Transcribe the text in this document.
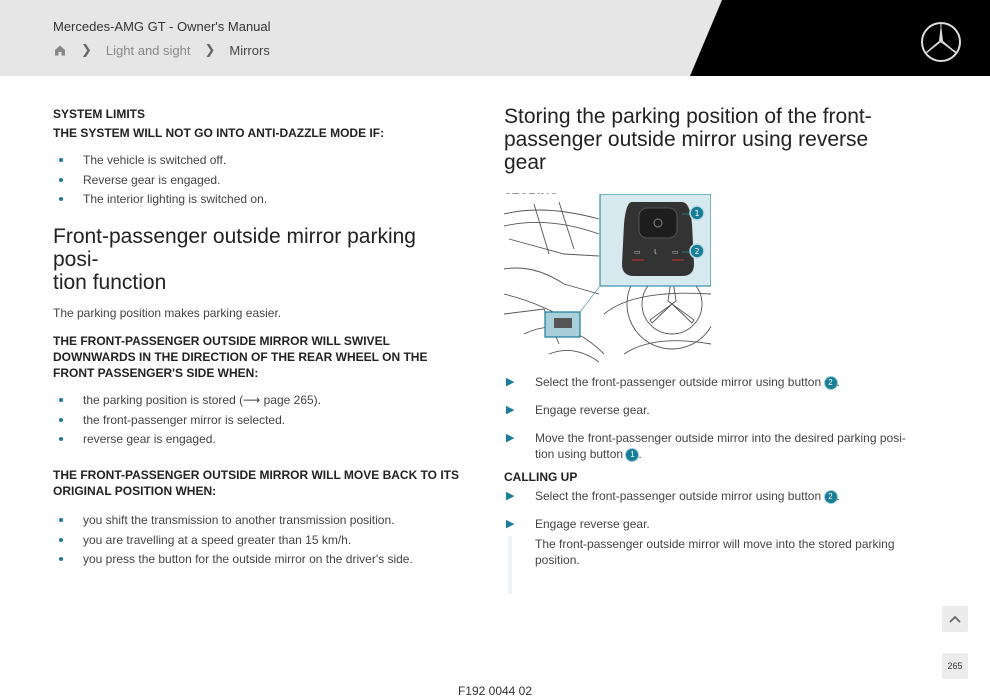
Mercedes-AMG GT - Owner's Manual
❯ Light and sight ❯ Mirrors

SYSTEM LIMITS

THE SYSTEM WILL NOT GO INTO ANTI-DAZZLE MODE IF:

The vehicle is switched off.
Reverse gear is engaged.
The interior lighting is switched on.
Front-passenger outside mirror parking posi-
tion function

The parking position makes parking easier.

THE FRONT-PASSENGER OUTSIDE MIRROR WILL SWIVEL DOWNWARDS IN THE DIRECTION OF THE REAR WHEEL ON THE FRONT PASSENGER'S SIDE WHEN:

the parking position is stored (⟶ page 265).
the front-passenger mirror is selected.
reverse gear is engaged.

THE FRONT-PASSENGER OUTSIDE MIRROR WILL MOVE BACK TO ITS ORIGINAL POSITION WHEN:

you shift the transmission to another transmission position.
you are travelling at a speed greater than 15 km/h.
you press the button for the outside mirror on the driver's side.
Storing the parking position of the front-
passenger outside mirror using reverse gear

▭ Ɩ ▭
1
2
▶ Select the front-passenger outside mirror using button 2 .
▶ Engage reverse gear.
▶ Move the front-passenger outside mirror into the desired parking posi-tion using button 1 .

CALLING UP

▶ Select the front-passenger outside mirror using button 2 .
▶ Engage reverse gear.
The front-passenger outside mirror will move into the stored parking position.
F192 0044 02
265
